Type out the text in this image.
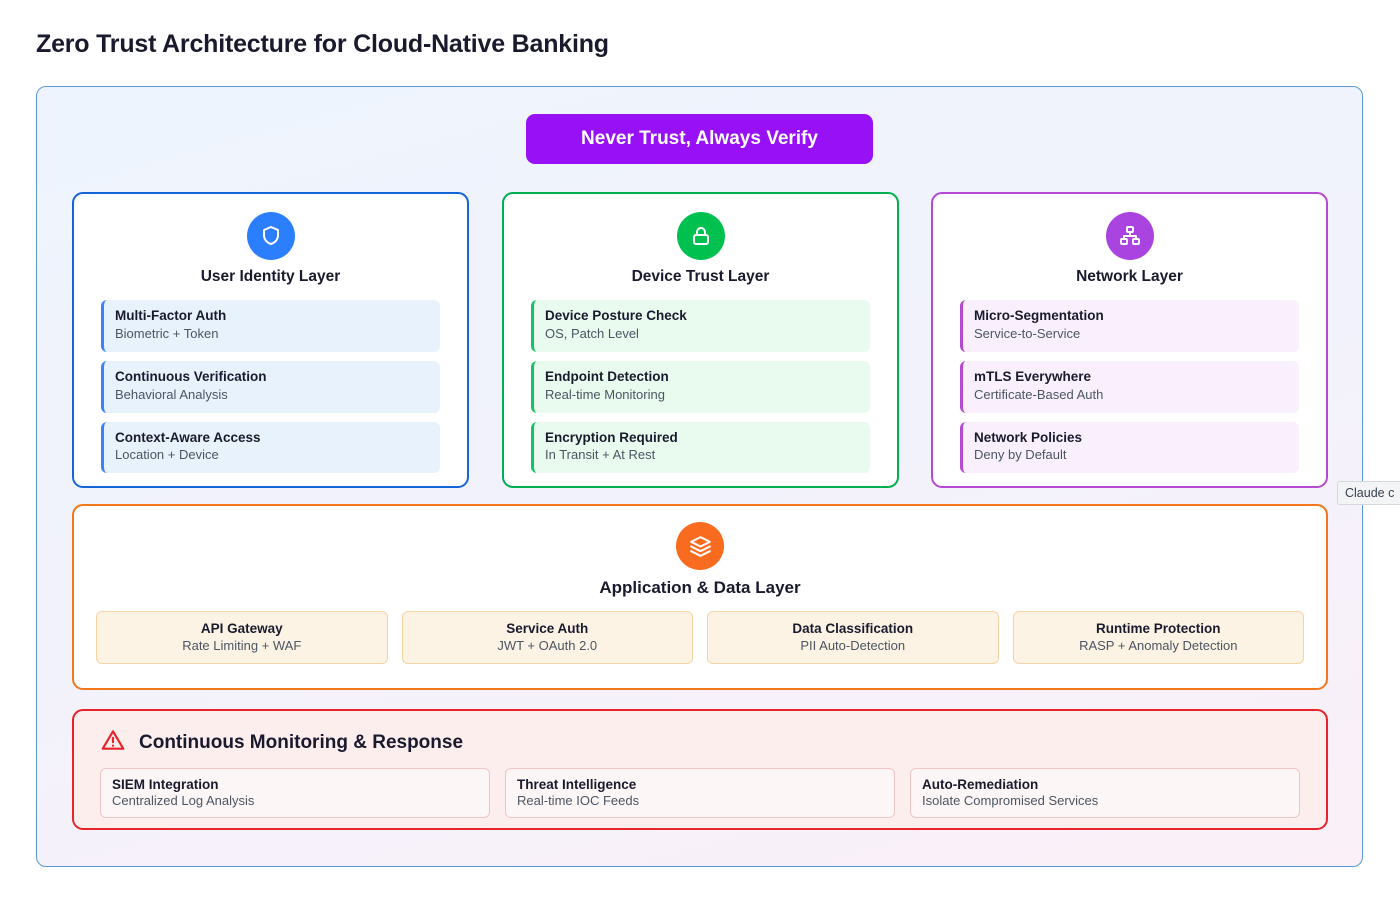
Zero Trust Architecture for Cloud-Native Banking
Never Trust, Always Verify
User Identity Layer
Multi-Factor Auth
Biometric + Token
Continuous Verification
Behavioral Analysis
Context-Aware Access
Location + Device
Device Trust Layer
Device Posture Check
OS, Patch Level
Endpoint Detection
Real-time Monitoring
Encryption Required
In Transit + At Rest
Network Layer
Micro-Segmentation
Service-to-Service
mTLS Everywhere
Certificate-Based Auth
Network Policies
Deny by Default
Application & Data Layer
API Gateway
Rate Limiting + WAF
Service Auth
JWT + OAuth 2.0
Data Classification
PII Auto-Detection
Runtime Protection
RASP + Anomaly Detection
Continuous Monitoring & Response
SIEM Integration
Centralized Log Analysis
Threat Intelligence
Real-time IOC Feeds
Auto-Remediation
Isolate Compromised Services
Claude c
